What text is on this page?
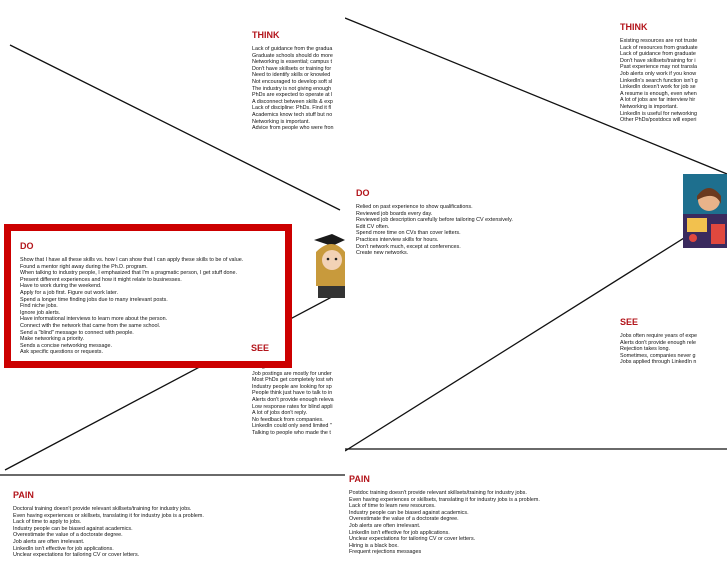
THINK
Existing resources are not truste
Lack of resources from graduate
Lack of guidance from graduate
Don't have skillsets/training for i
Past experience may not transla
Job alerts only work if you know
LinkedIn's search function isn't g
LinkedIn doesn't work for job se
A resume is enough, even when
A lot of jobs are far interview hir
Networking is important.
LinkedIn is useful for networking
Other PhDs/postdocs will experi
DO
Relied on past experience to show qualifications.
Reviewed job boards every day.
Reviewed job description carefully before tailoring CV extensively.
Edit CV often.
Spend more time on CVs than cover letters.
Practices interview skills for hours.
Don't network much, except at conferences.
Create new networks.
SEE
Jobs often require years of expe
Alerts don't provide enough rele
Rejection takes long.
Sometimes, companies never g
Jobs applied through LinkedIn n
PAIN
Postdoc training doesn't provide relevant skillsets/training for industry jobs.
Even having experiences or skillsets, translating it for industry jobs is a problem.
Lack of time to learn new resources.
Industry people can be biased against academics.
Overestimate the value of a doctorate degree.
Job alerts are often irrelevant.
LinkedIn isn't effective for job applications.
Unclear expectations for tailoring CV or cover letters.
Hiring is a black box.
Frequent rejections messages
THINK
Lack of guidance from the gradua
Graduate schools should do more
Networking is essential; campus t
Don't have skillsets or training for
Need to identify skills or knowled
Not encouraged to develop soft sl
The industry is not giving enough
PhDs are expected to operate at l
A disconnect between skills & exp
Lack of discipline: PhDs. Find it fl
Academics know tech stuff but no
Networking is important.
Advice from people who were fron
Job postings are mostly for under
Most PhDs get completely lost wh
Industry people are looking for sp
People think just have to talk to in
Alerts don't provide enough releva
Low response rates for blind appli
A lot of jobs don't reply.
No feedback from companies.
LinkedIn could only send limited "
Talking to people who made the t
PAIN
Doctoral training doesn't provide relevant skillsets/training for industry jobs.
Even having experiences or skillsets, translating it for industry jobs is a problem.
Lack of time to apply to jobs.
Industry people can be biased against academics.
Overestimate the value of a doctorate degree.
Job alerts are often irrelevant.
LinkedIn isn't effective for job applications.
Unclear expectations for tailoring CV or cover letters.
DO
Show that I have all these skills vs. how I can show that I can apply these skills to be of value.
Found a mentor right away during the Ph.D. program.
When talking to industry people, I emphasized that I'm a pragmatic person, I get stuff done.
Present different experiences and how it might relate to businesses.
Have to work during the weekend.
Apply for a job first. Figure out work later.
Spend a longer time finding jobs due to many irrelevant posts.
Find niche jobs.
Ignore job alerts.
Have informational interviews to learn more about the person.
Connect with the network that came from the same school.
Send a "blind" message to connect with people.
Make networking a priority.
Sends a concise networking message.
Ask specific questions or requests.	SEE
